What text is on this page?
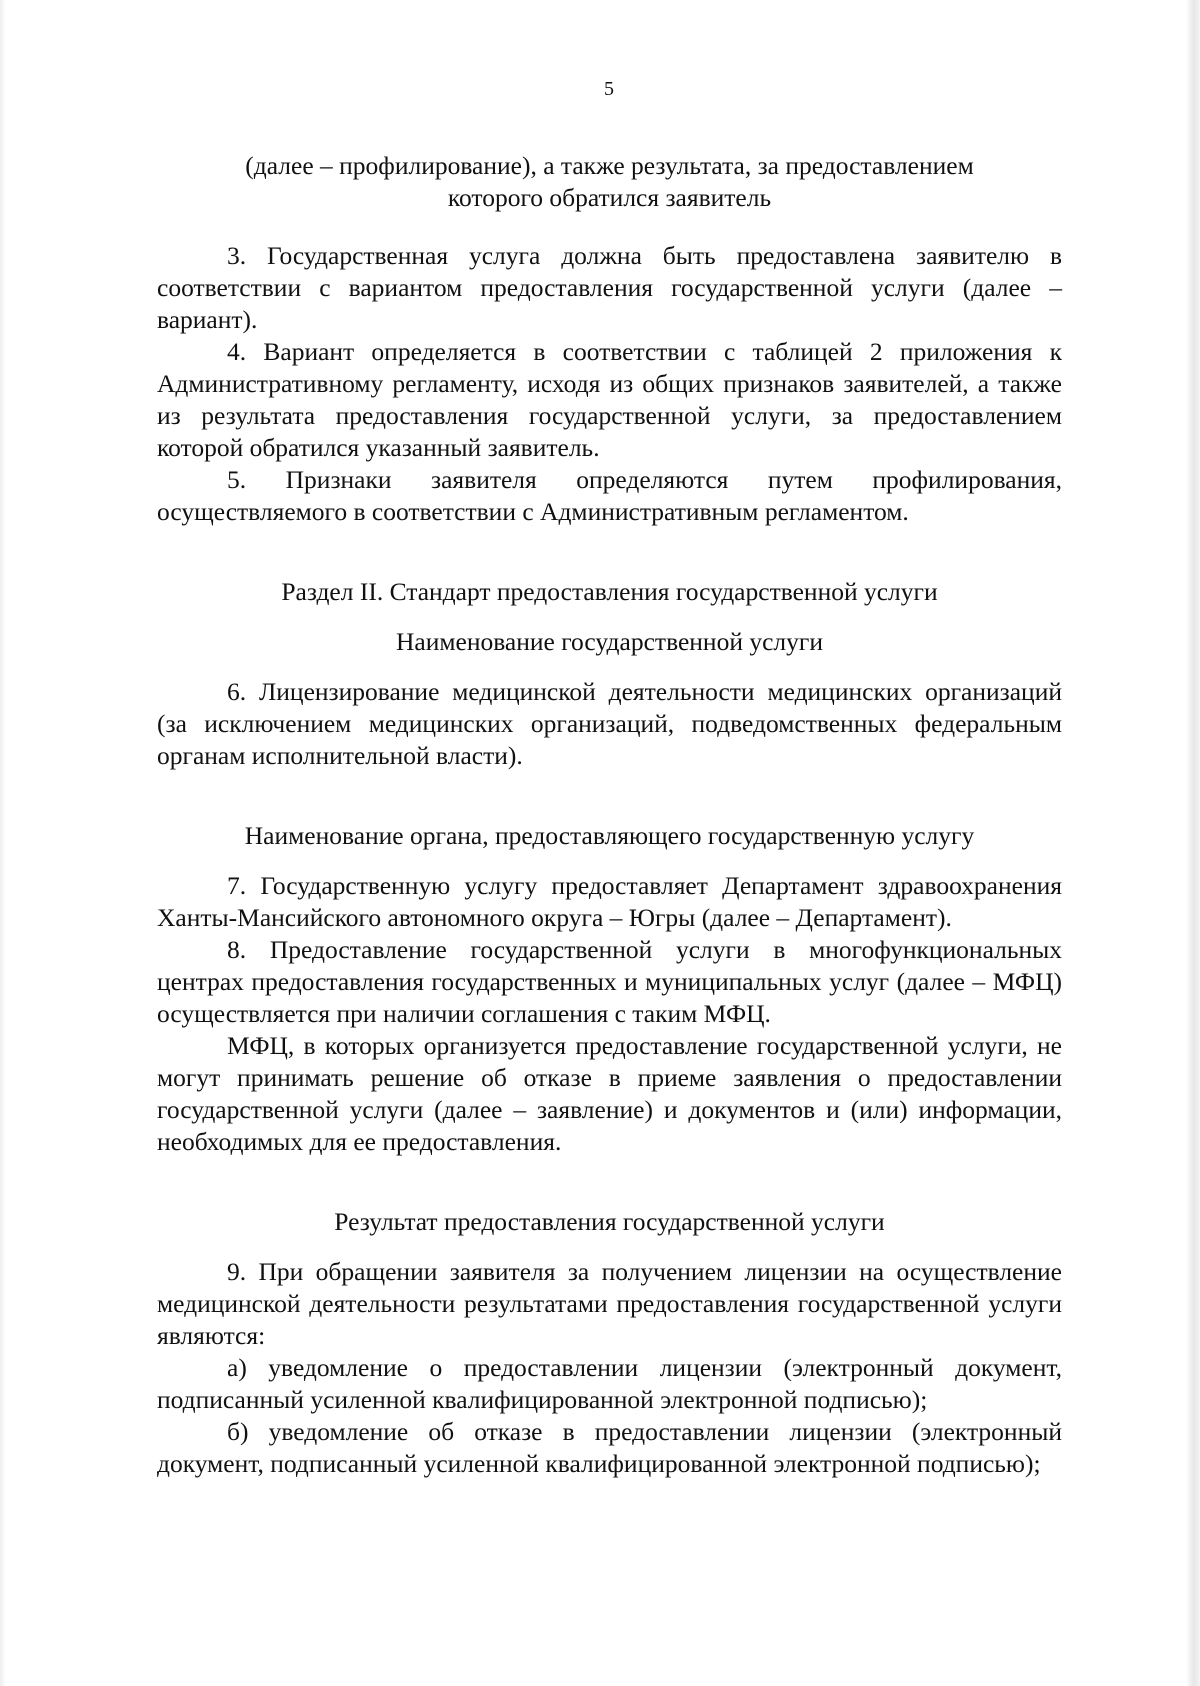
5

(далее – профилирование), а также результата, за предоставлением

которого обратился заявитель

3. Государственная услуга должна быть предоставлена заявителю в соответствии с вариантом предоставления государственной услуги (далее – вариант).

4. Вариант определяется в соответствии с таблицей 2 приложения к Административному регламенту, исходя из общих признаков заявителей, а также из результата предоставления государственной услуги, за предоставлением которой обратился указанный заявитель.

5. Признаки заявителя определяются путем профилирования, осуществляемого в соответствии с Административным регламентом.

Раздел II. Стандарт предоставления государственной услуги

Наименование государственной услуги

6. Лицензирование медицинской деятельности медицинских организаций (за исключением медицинских организаций, подведомственных федеральным органам исполнительной власти).

Наименование органа, предоставляющего государственную услугу

7. Государственную услугу предоставляет Департамент здравоохранения Ханты-Мансийского автономного округа – Югры (далее – Департамент).

8. Предоставление государственной услуги в многофункциональных центрах предоставления государственных и муниципальных услуг (далее – МФЦ) осуществляется при наличии соглашения с таким МФЦ.

МФЦ, в которых организуется предоставление государственной услуги, не могут принимать решение об отказе в приеме заявления о предоставлении государственной услуги (далее – заявление) и документов и (или) информации, необходимых для ее предоставления.

Результат предоставления государственной услуги

9. При обращении заявителя за получением лицензии на осуществление медицинской деятельности результатами предоставления государственной услуги являются:

а) уведомление о предоставлении лицензии (электронный документ, подписанный усиленной квалифицированной электронной подписью);

б) уведомление об отказе в предоставлении лицензии (электронный документ, подписанный усиленной квалифицированной электронной подписью);
